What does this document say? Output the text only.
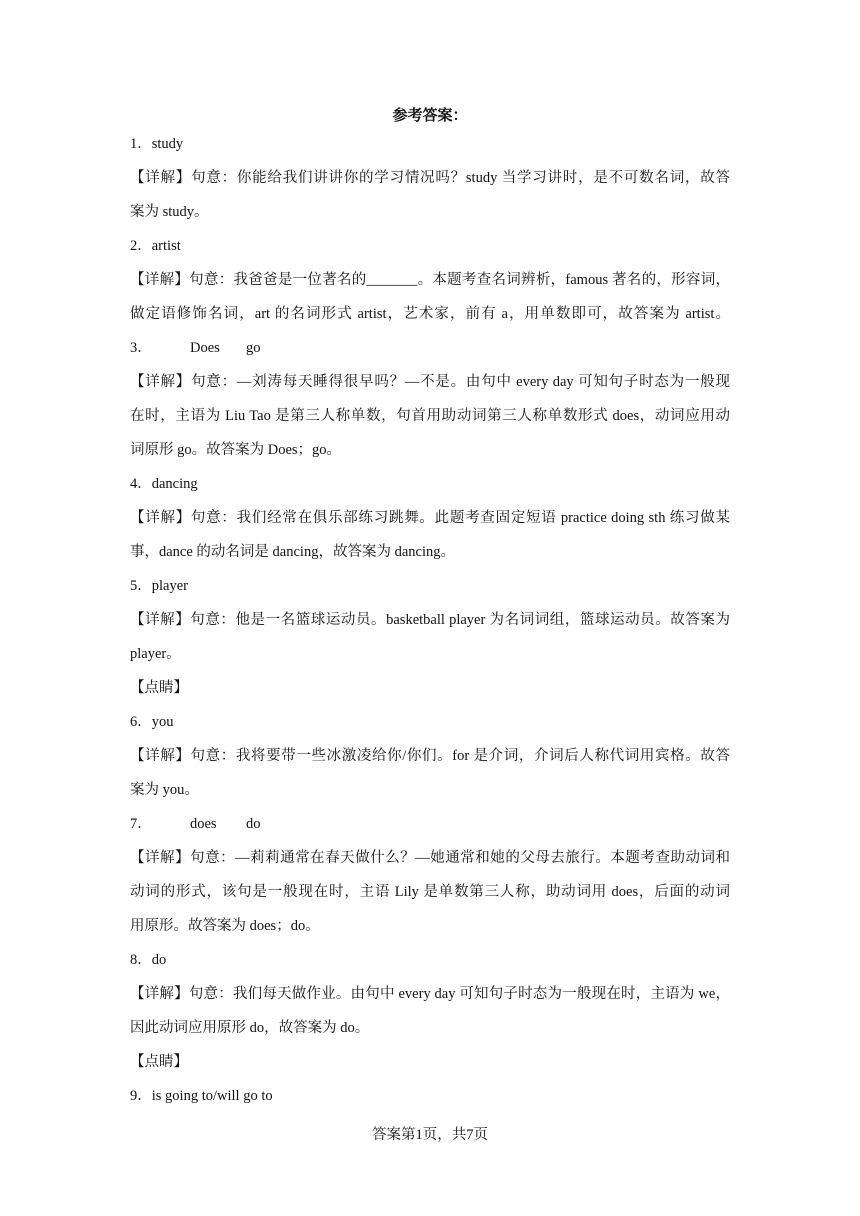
参考答案：
1．study
【详解】句意：你能给我们讲讲你的学习情况吗？study 当学习讲时，是不可数名词，故答
案为 study。
2．artist
【详解】句意：我爸爸是一位著名的_______。本题考查名词辨析，famous 著名的，形容词，
做定语修饰名词，art 的名词形式 artist，艺术家，前有 a，用单数即可，故答案为 artist。
3．	Does go
【详解】句意：—刘涛每天睡得很早吗？—不是。由句中 every day 可知句子时态为一般现
在时，主语为 Liu Tao 是第三人称单数，句首用助动词第三人称单数形式 does，动词应用动
词原形 go。故答案为 Does；go。
4．dancing
【详解】句意：我们经常在俱乐部练习跳舞。此题考查固定短语 practice doing sth 练习做某
事，dance 的动名词是 dancing，故答案为 dancing。
5．player
【详解】句意：他是一名篮球运动员。basketball player 为名词词组，篮球运动员。故答案为
player。
【点睛】
6．you
【详解】句意：我将要带一些冰激凌给你/你们。for 是介词，介词后人称代词用宾格。故答
案为 you。
7．	does do
【详解】句意：—莉莉通常在春天做什么？—她通常和她的父母去旅行。本题考查助动词和
动词的形式，该句是一般现在时，主语 Lily 是单数第三人称，助动词用 does，后面的动词
用原形。故答案为 does；do。
8．do
【详解】句意：我们每天做作业。由句中 every day 可知句子时态为一般现在时，主语为 we，
因此动词应用原形 do，故答案为 do。
【点睛】
9．is going to/will go to
答案第1页，共7页
